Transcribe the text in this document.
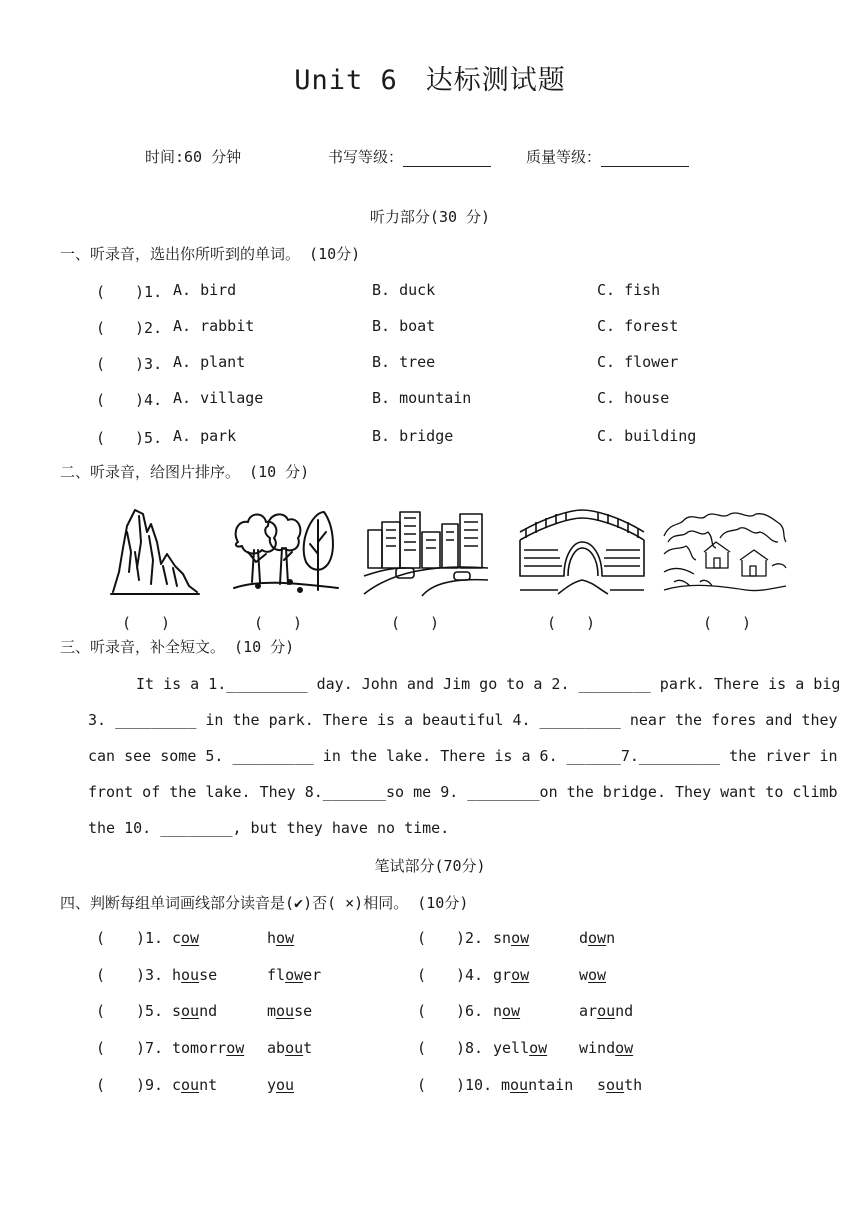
Unit 6　达标测试题
时间:60 分钟	书写等级：	质量等级：
听力部分(30 分)
一、听录音，选出你所听到的单词。 (10分)
(　　)1. A. bird	B. duck	C. fish
(　　)2. A. rabbit	B. boat	C. forest
(　　)3. A. plant	B. tree	C. flower
(　　)4. A. village	B. mountain	C. house
(　　)5. A. park	B. bridge	C. building
二、听录音，给图片排序。 (10 分)
(　　)	(　　)	(　　)	(　　)	(　　)
三、听录音，补全短文。 (10 分)
It is a 1._________ day. John and Jim go to a 2. ________ park. There is a big
3. _________ in the park. There is a beautiful 4. _________ near the fores and they
can see some 5. _________ in the lake. There is a 6. ______7._________ the river in
front of the lake. They 8._______so me 9. ________on the bridge. They want to climb
the 10. ________, but they have no time.
笔试部分(70分)
四、判断每组单词画线部分读音是(✔)否( ×)相同。 (10分)
( )1. cow	how	( )2. snow	down
( )3. house	flower	( )4. grow	wow
( )5. sound	mouse	( )6. now	around
( )7. tomorrow about	( )8. yellow window
( )9. count	you	( )10. mountain south
